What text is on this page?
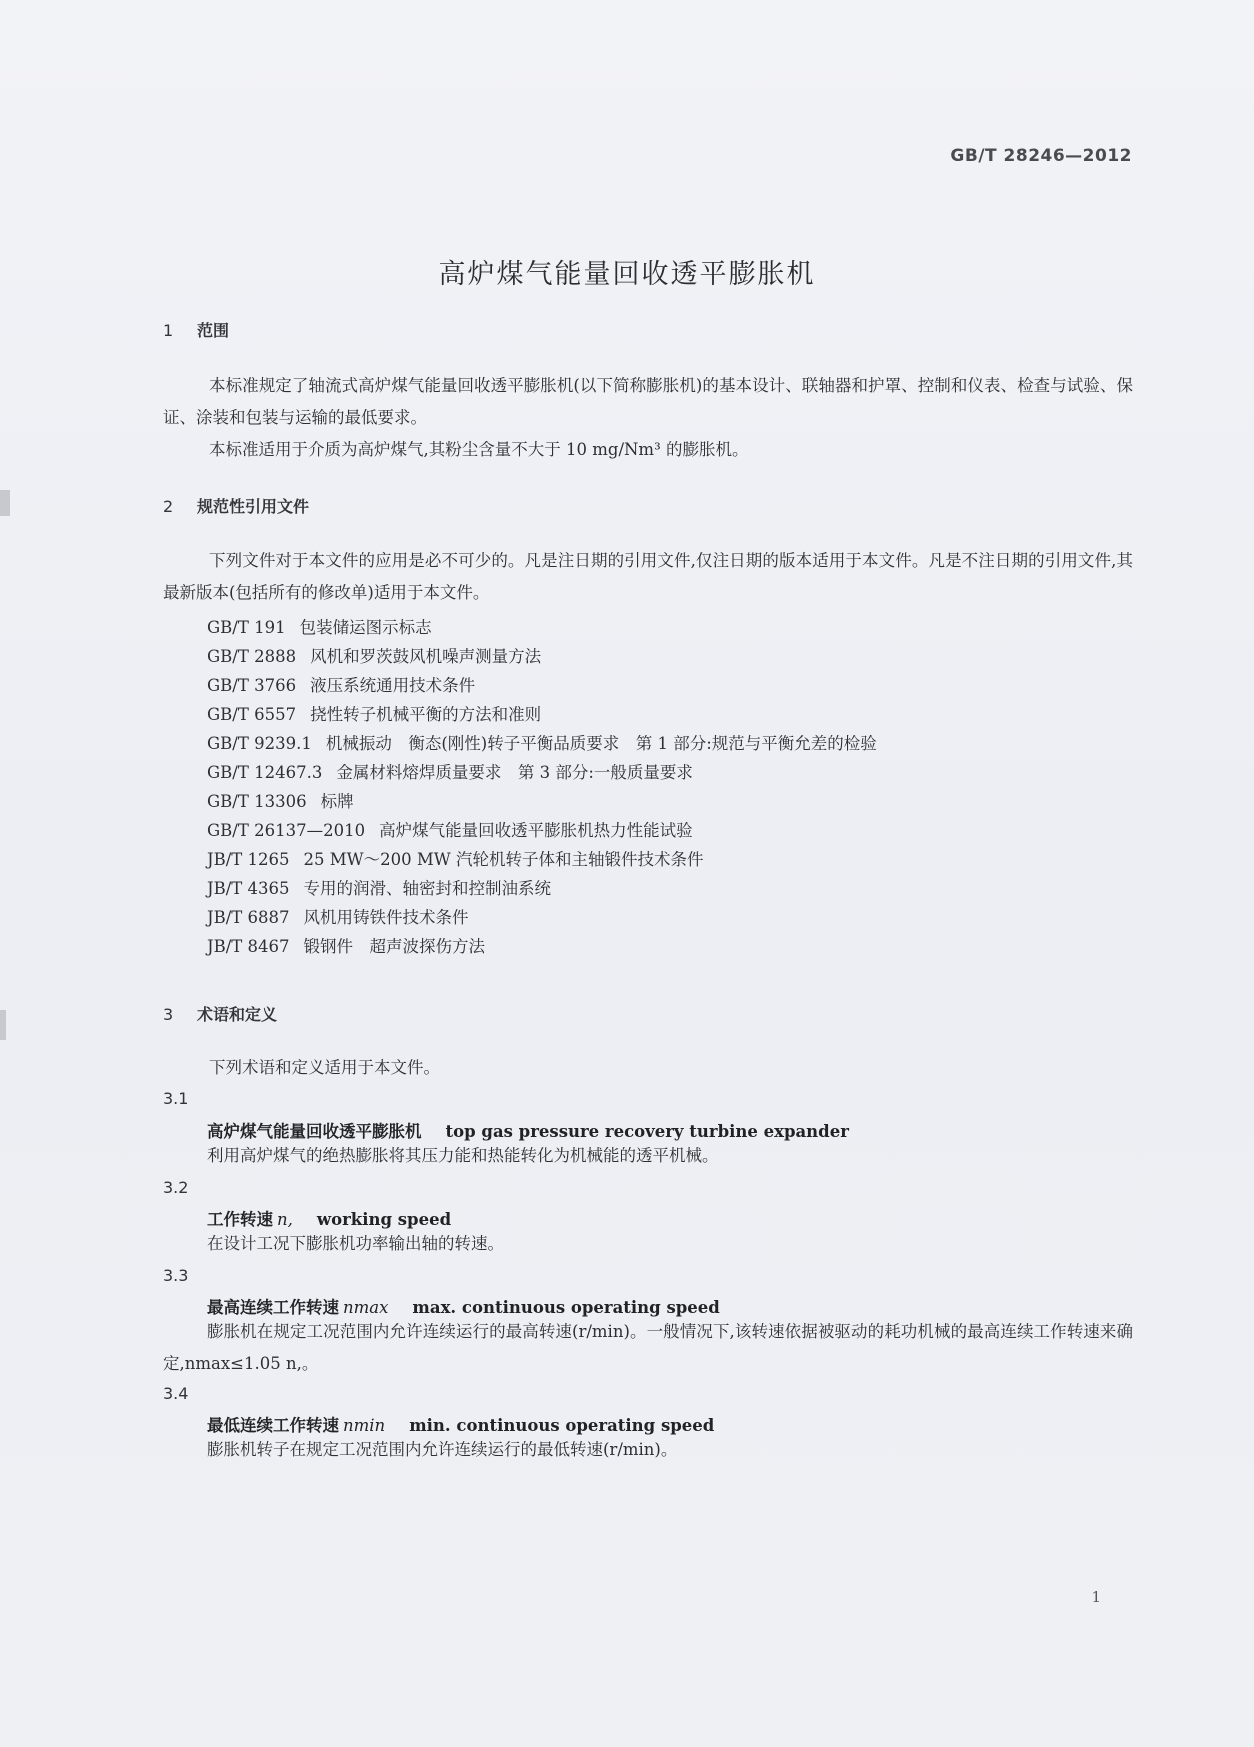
GB/T 28246—2012
高炉煤气能量回收透平膨胀机
1 范围

本标准规定了轴流式高炉煤气能量回收透平膨胀机(以下简称膨胀机)的基本设计、联轴器和护罩、控制和仪表、检查与试验、保证、涂装和包装与运输的最低要求。

本标准适用于介质为高炉煤气,其粉尘含量不大于 10 mg/Nm³ 的膨胀机。

2 规范性引用文件

下列文件对于本文件的应用是必不可少的。凡是注日期的引用文件,仅注日期的版本适用于本文件。凡是不注日期的引用文件,其最新版本(包括所有的修改单)适用于本文件。

GB/T 191 包装储运图示标志
GB/T 2888 风机和罗茨鼓风机噪声测量方法
GB/T 3766 液压系统通用技术条件
GB/T 6557 挠性转子机械平衡的方法和准则
GB/T 9239.1 机械振动　衡态(刚性)转子平衡品质要求　第 1 部分:规范与平衡允差的检验
GB/T 12467.3 金属材料熔焊质量要求　第 3 部分:一般质量要求
GB/T 13306 标牌
GB/T 26137—2010 高炉煤气能量回收透平膨胀机热力性能试验
JB/T 1265 25 MW～200 MW 汽轮机转子体和主轴锻件技术条件
JB/T 4365 专用的润滑、轴密封和控制油系统
JB/T 6887 风机用铸铁件技术条件
JB/T 8467 锻钢件　超声波探伤方法
3 术语和定义

下列术语和定义适用于本文件。

3.1
高炉煤气能量回收透平膨胀机 top gas pressure recovery turbine expander

利用高炉煤气的绝热膨胀将其压力能和热能转化为机械能的透平机械。

3.2
工作转速 n, working speed

在设计工况下膨胀机功率输出轴的转速。

3.3
最高连续工作转速 nmax max. continuous operating speed

膨胀机在规定工况范围内允许连续运行的最高转速(r/min)。一般情况下,该转速依据被驱动的耗功机械的最高连续工作转速来确定,nmax≤1.05 n,。

3.4
最低连续工作转速 nmin min. continuous operating speed

膨胀机转子在规定工况范围内允许连续运行的最低转速(r/min)。

1
